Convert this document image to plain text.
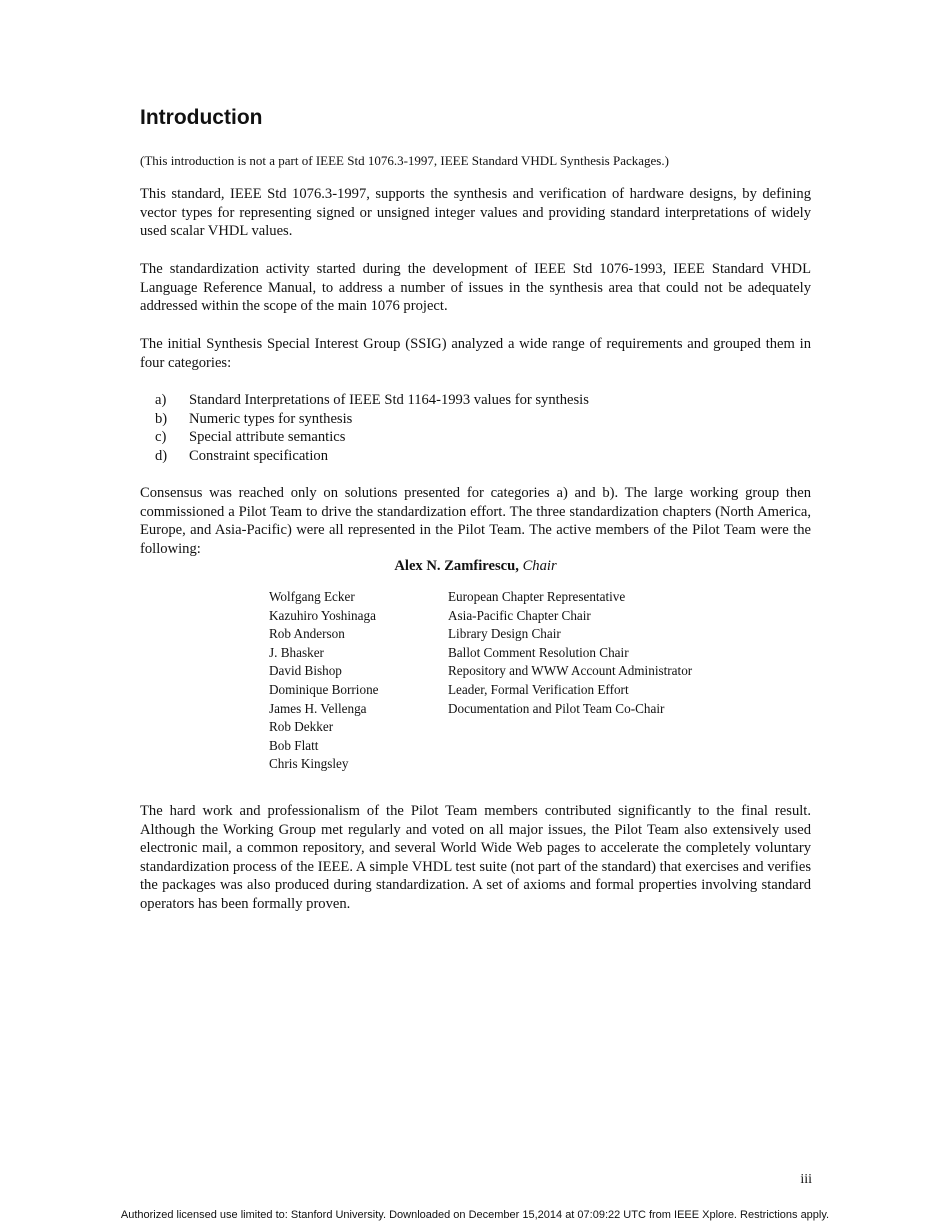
Introduction

(This introduction is not a part of IEEE Std 1076.3-1997, IEEE Standard VHDL Synthesis Packages.)

This standard, IEEE Std 1076.3-1997, supports the synthesis and verification of hardware designs, by defining vector types for representing signed or unsigned integer values and providing standard interpretations of widely used scalar VHDL values.

The standardization activity started during the development of IEEE Std 1076-1993, IEEE Standard VHDL Language Reference Manual, to address a number of issues in the synthesis area that could not be adequately addressed within the scope of the main 1076 project.

The initial Synthesis Special Interest Group (SSIG) analyzed a wide range of requirements and grouped them in four categories:

a)	Standard Interpretations of IEEE Std 1164-1993 values for synthesis
b)	Numeric types for synthesis
c)	Special attribute semantics
d)	Constraint specification

Consensus was reached only on solutions presented for categories a) and b). The large working group then commissioned a Pilot Team to drive the standardization effort. The three standardization chapters (North America, Europe, and Asia-Pacific) were all represented in the Pilot Team. The active members of the Pilot Team were the following:

Alex N. Zamfirescu, Chair
Wolfgang Ecker	European Chapter Representative
Kazuhiro Yoshinaga	Asia-Pacific Chapter Chair
Rob Anderson	Library Design Chair
J. Bhasker	Ballot Comment Resolution Chair
David Bishop	Repository and WWW Account Administrator
Dominique Borrione	Leader, Formal Verification Effort
James H. Vellenga	Documentation and Pilot Team Co-Chair
Rob Dekker
Bob Flatt
Chris Kingsley

The hard work and professionalism of the Pilot Team members contributed significantly to the final result. Although the Working Group met regularly and voted on all major issues, the Pilot Team also extensively used electronic mail, a common repository, and several World Wide Web pages to accelerate the completely voluntary standardization process of the IEEE. A simple VHDL test suite (not part of the standard) that exercises and verifies the packages was also produced during standardization. A set of axioms and formal properties involving standard operators has been formally proven.

iii
Authorized licensed use limited to: Stanford University. Downloaded on December 15,2014 at 07:09:22 UTC from IEEE Xplore. Restrictions apply.
